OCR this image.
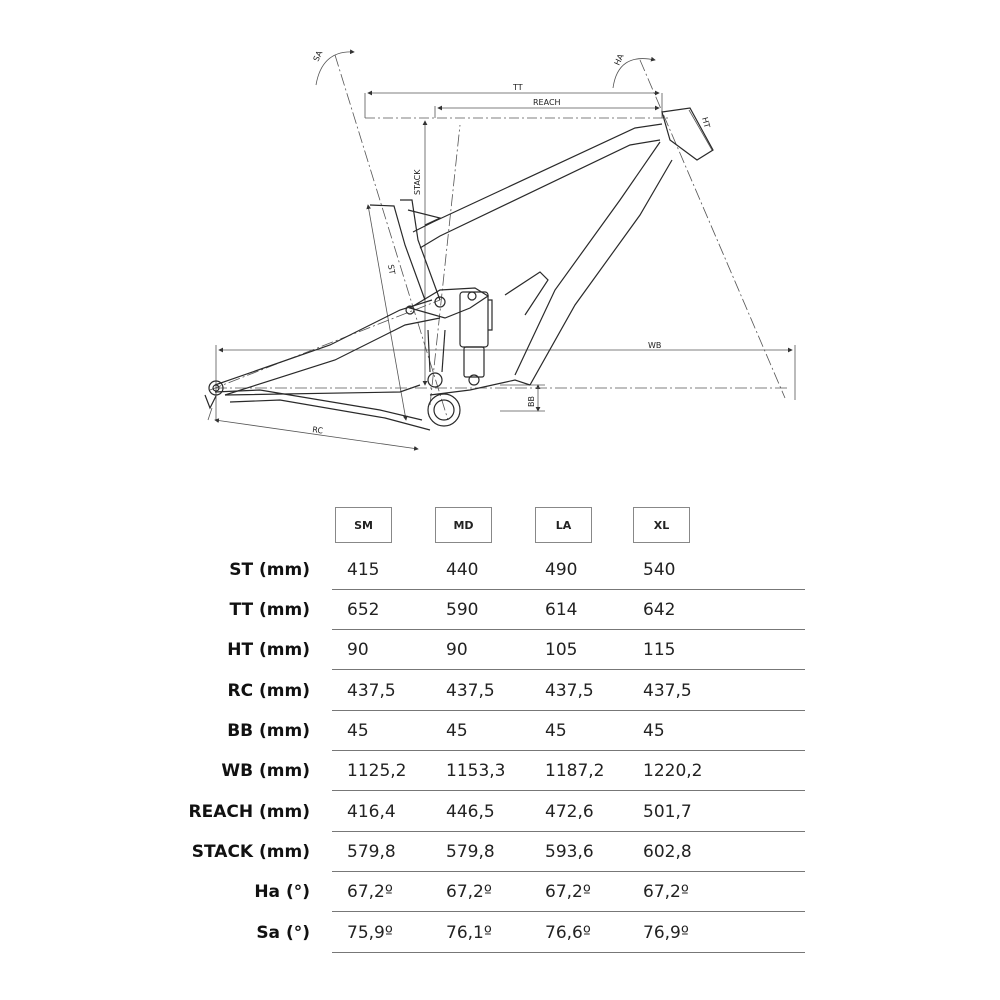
TT
REACH
SA	HA
HT
STACK
ST
WB
BB
RC
SM	MD	LA	XL
ST (mm) 415	440	490	540
TT (mm) 652	590	614	642
HT (mm) 90	90	105	115
RC (mm) 437,5	437,5	437,5	437,5
BB (mm) 45	45	45	45
WB (mm) 1125,2 1153,3 1187,2 1220,2
REACH (mm) 416,4	446,5	472,6	501,7
STACK (mm) 579,8	579,8	593,6	602,8
Ha (°) 67,2º	67,2º	67,2º	67,2º
Sa (°) 75,9º	76,1º	76,6º	76,9º
